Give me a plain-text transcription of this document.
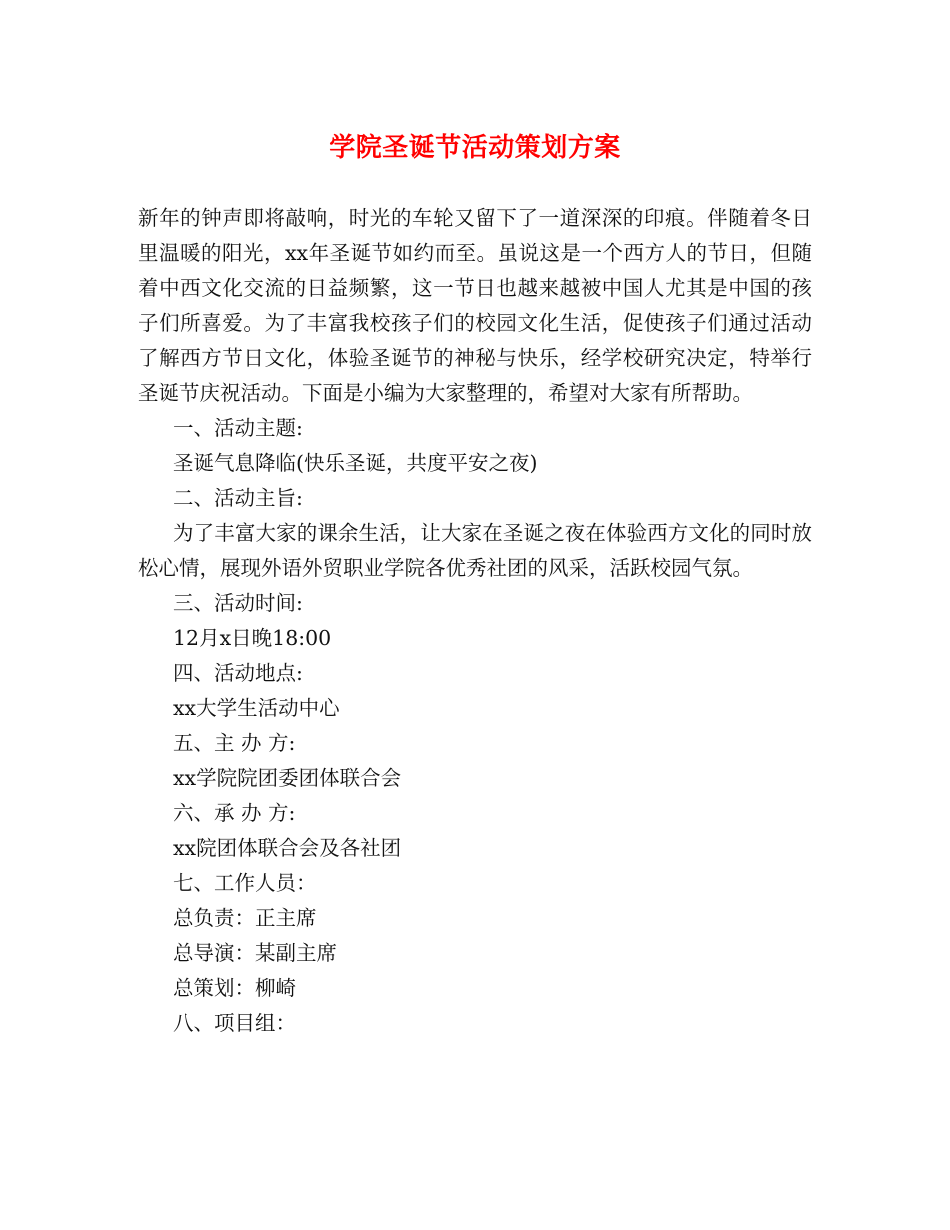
学院圣诞节活动策划方案

新年的钟声即将敲响，时光的车轮又留下了一道深深的印痕。伴随着冬日里温暖的阳光，xx年圣诞节如约而至。虽说这是一个西方人的节日，但随着中西文化交流的日益频繁，这一节日也越来越被中国人尤其是中国的孩子们所喜爱。为了丰富我校孩子们的校园文化生活，促使孩子们通过活动了解西方节日文化，体验圣诞节的神秘与快乐，经学校研究决定，特举行圣诞节庆祝活动。下面是小编为大家整理的，希望对大家有所帮助。

一、活动主题:

圣诞气息降临(快乐圣诞，共度平安之夜)

二、活动主旨:

为了丰富大家的课余生活，让大家在圣诞之夜在体验西方文化的同时放松心情，展现外语外贸职业学院各优秀社团的风采，活跃校园气氛。

三、活动时间:

12月x日晚18:00

四、活动地点:

xx大学生活动中心

五、主 办 方:

xx学院院团委团体联合会

六、承 办 方:

xx院团体联合会及各社团

七、工作人员：

总负责：正主席

总导演：某副主席

总策划：柳崎

八、项目组：
